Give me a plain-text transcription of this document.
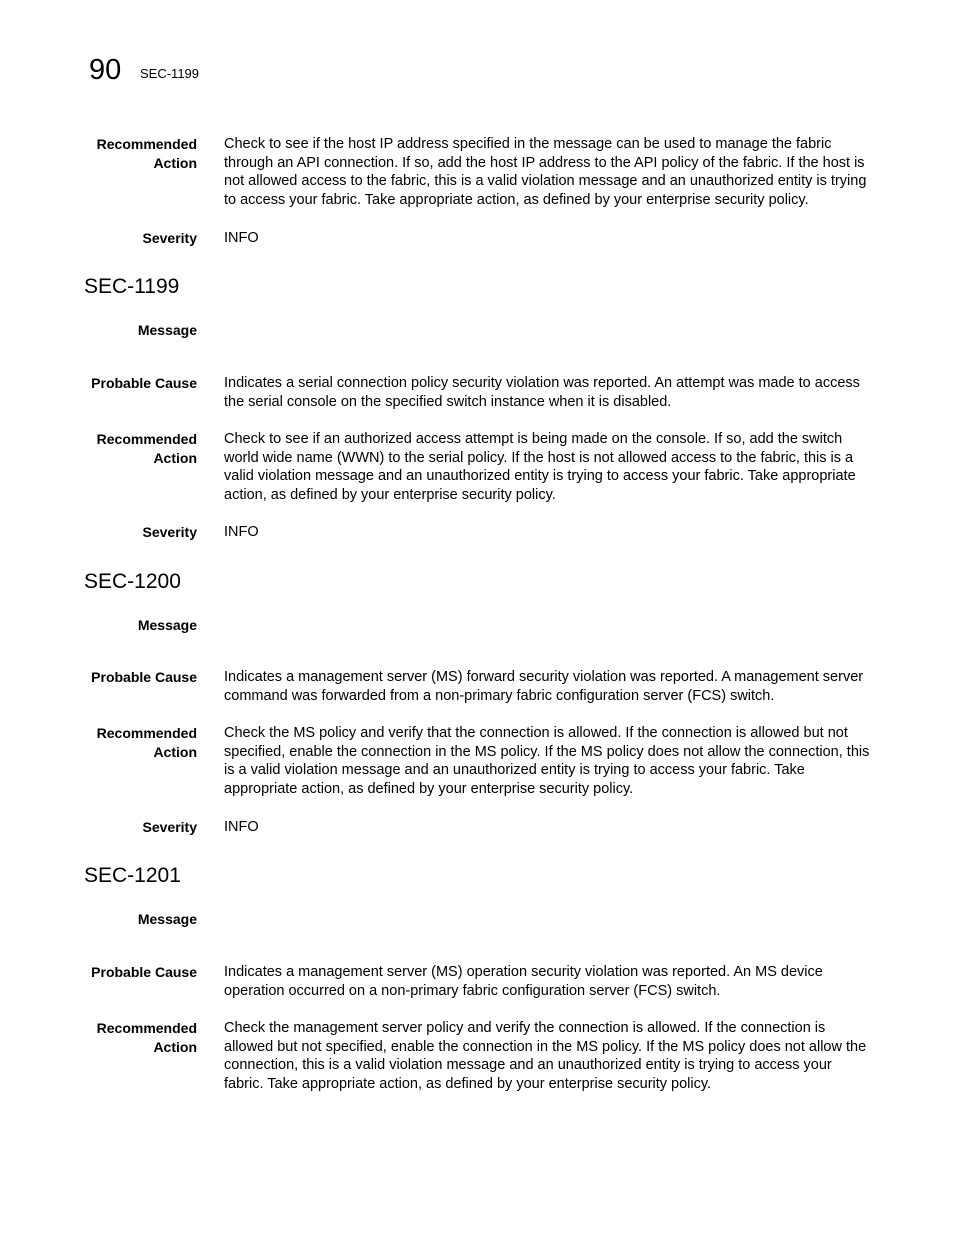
90 SEC-1199
Recommended
Action
Check to see if the host IP address specified in the message can be used to manage the fabric through an API connection. If so, add the host IP address to the API policy of the fabric. If the host is not allowed access to the fabric, this is a valid violation message and an unauthorized entity is trying to access your fabric. Take appropriate action, as defined by your enterprise security policy.
Severity INFO
SEC-1199
Message
Probable Cause Indicates a serial connection policy security violation was reported. An attempt was made to access the serial console on the specified switch instance when it is disabled.
Recommended
Action
Check to see if an authorized access attempt is being made on the console. If so, add the switch world wide name (WWN) to the serial policy. If the host is not allowed access to the fabric, this is a valid violation message and an unauthorized entity is trying to access your fabric. Take appropriate action, as defined by your enterprise security policy.
Severity INFO
SEC-1200
Message
Probable Cause Indicates a management server (MS) forward security violation was reported. A management server command was forwarded from a non-primary fabric configuration server (FCS) switch.
Recommended
Action
Check the MS policy and verify that the connection is allowed. If the connection is allowed but not specified, enable the connection in the MS policy. If the MS policy does not allow the connection, this is a valid violation message and an unauthorized entity is trying to access your fabric. Take appropriate action, as defined by your enterprise security policy.
Severity INFO
SEC-1201
Message
Probable Cause Indicates a management server (MS) operation security violation was reported. An MS device operation occurred on a non-primary fabric configuration server (FCS) switch.
Recommended
Action
Check the management server policy and verify the connection is allowed. If the connection is allowed but not specified, enable the connection in the MS policy. If the MS policy does not allow the connection, this is a valid violation message and an unauthorized entity is trying to access your fabric. Take appropriate action, as defined by your enterprise security policy.
